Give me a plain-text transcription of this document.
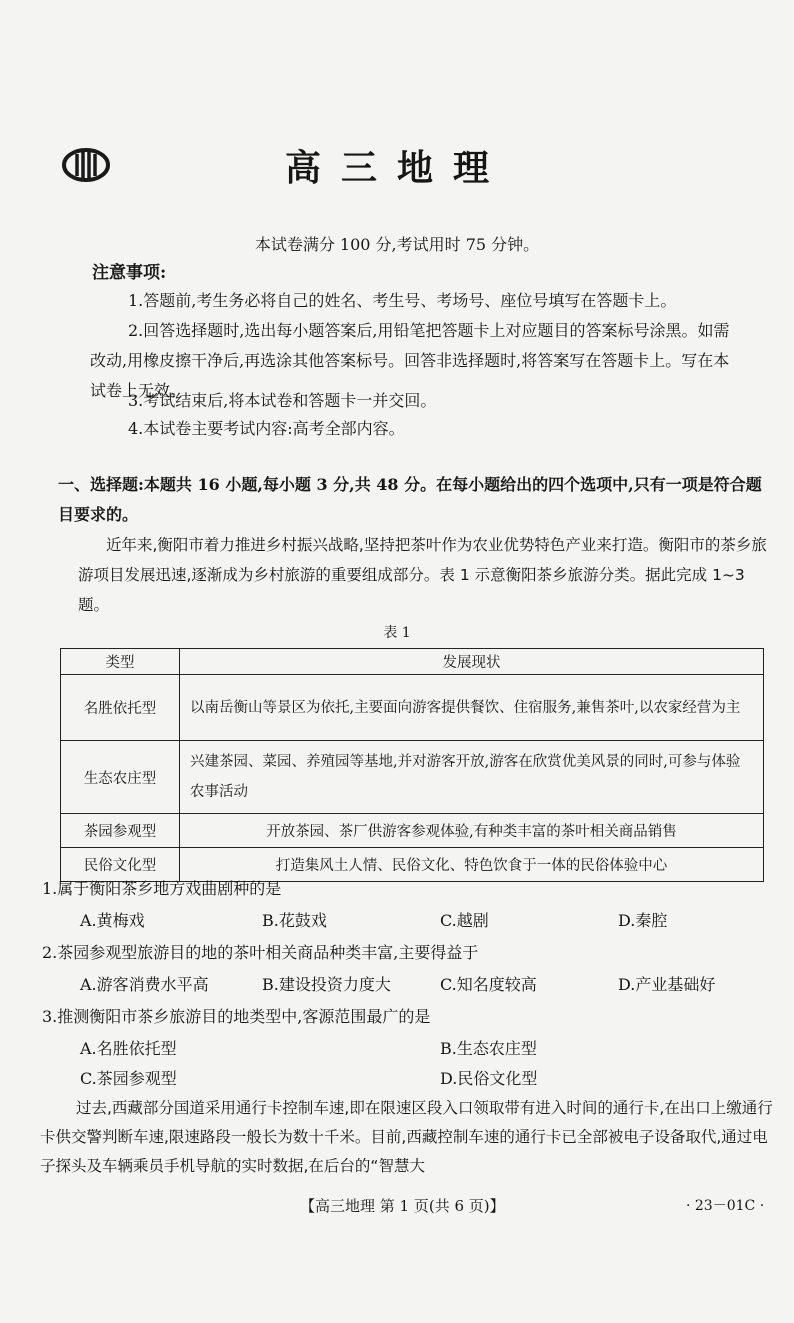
高三地理
本试卷满分 100 分,考试用时 75 分钟。
注意事项:
1.答题前,考生务必将自己的姓名、考生号、考场号、座位号填写在答题卡上。
2.回答选择题时,选出每小题答案后,用铅笔把答题卡上对应题目的答案标号涂黑。如需改动,用橡皮擦干净后,再选涂其他答案标号。回答非选择题时,将答案写在答题卡上。写在本试卷上无效。
3.考试结束后,将本试卷和答题卡一并交回。
4.本试卷主要考试内容:高考全部内容。
一、选择题:本题共 16 小题,每小题 3 分,共 48 分。在每小题给出的四个选项中,只有一项是符合题目要求的。
近年来,衡阳市着力推进乡村振兴战略,坚持把茶叶作为农业优势特色产业来打造。衡阳市的茶乡旅游项目发展迅速,逐渐成为乡村旅游的重要组成部分。表 1 示意衡阳茶乡旅游分类。据此完成 1~3 题。
表 1
类型	发展现状
名胜依托型	以南岳衡山等景区为依托,主要面向游客提供餐饮、住宿服务,兼售茶叶,以农家经营为主
生态农庄型	兴建茶园、菜园、养殖园等基地,并对游客开放,游客在欣赏优美风景的同时,可参与体验农事活动
茶园参观型	开放茶园、茶厂供游客参观体验,有种类丰富的茶叶相关商品销售
民俗文化型	打造集风土人情、民俗文化、特色饮食于一体的民俗体验中心
1.属于衡阳茶乡地方戏曲剧种的是
A.黄梅戏	B.花鼓戏	C.越剧	D.秦腔
2.茶园参观型旅游目的地的茶叶相关商品种类丰富,主要得益于
A.游客消费水平高	B.建设投资力度大	C.知名度较高	D.产业基础好
3.推测衡阳市茶乡旅游目的地类型中,客源范围最广的是
A.名胜依托型	B.生态农庄型
C.茶园参观型	D.民俗文化型
过去,西藏部分国道采用通行卡控制车速,即在限速区段入口领取带有进入时间的通行卡,在出口上缴通行卡供交警判断车速,限速路段一般长为数十千米。目前,西藏控制车速的通行卡已全部被电子设备取代,通过电子探头及车辆乘员手机导航的实时数据,在后台的“智慧大
【高三地理 第 1 页(共 6 页)】	· 23－01C ·
